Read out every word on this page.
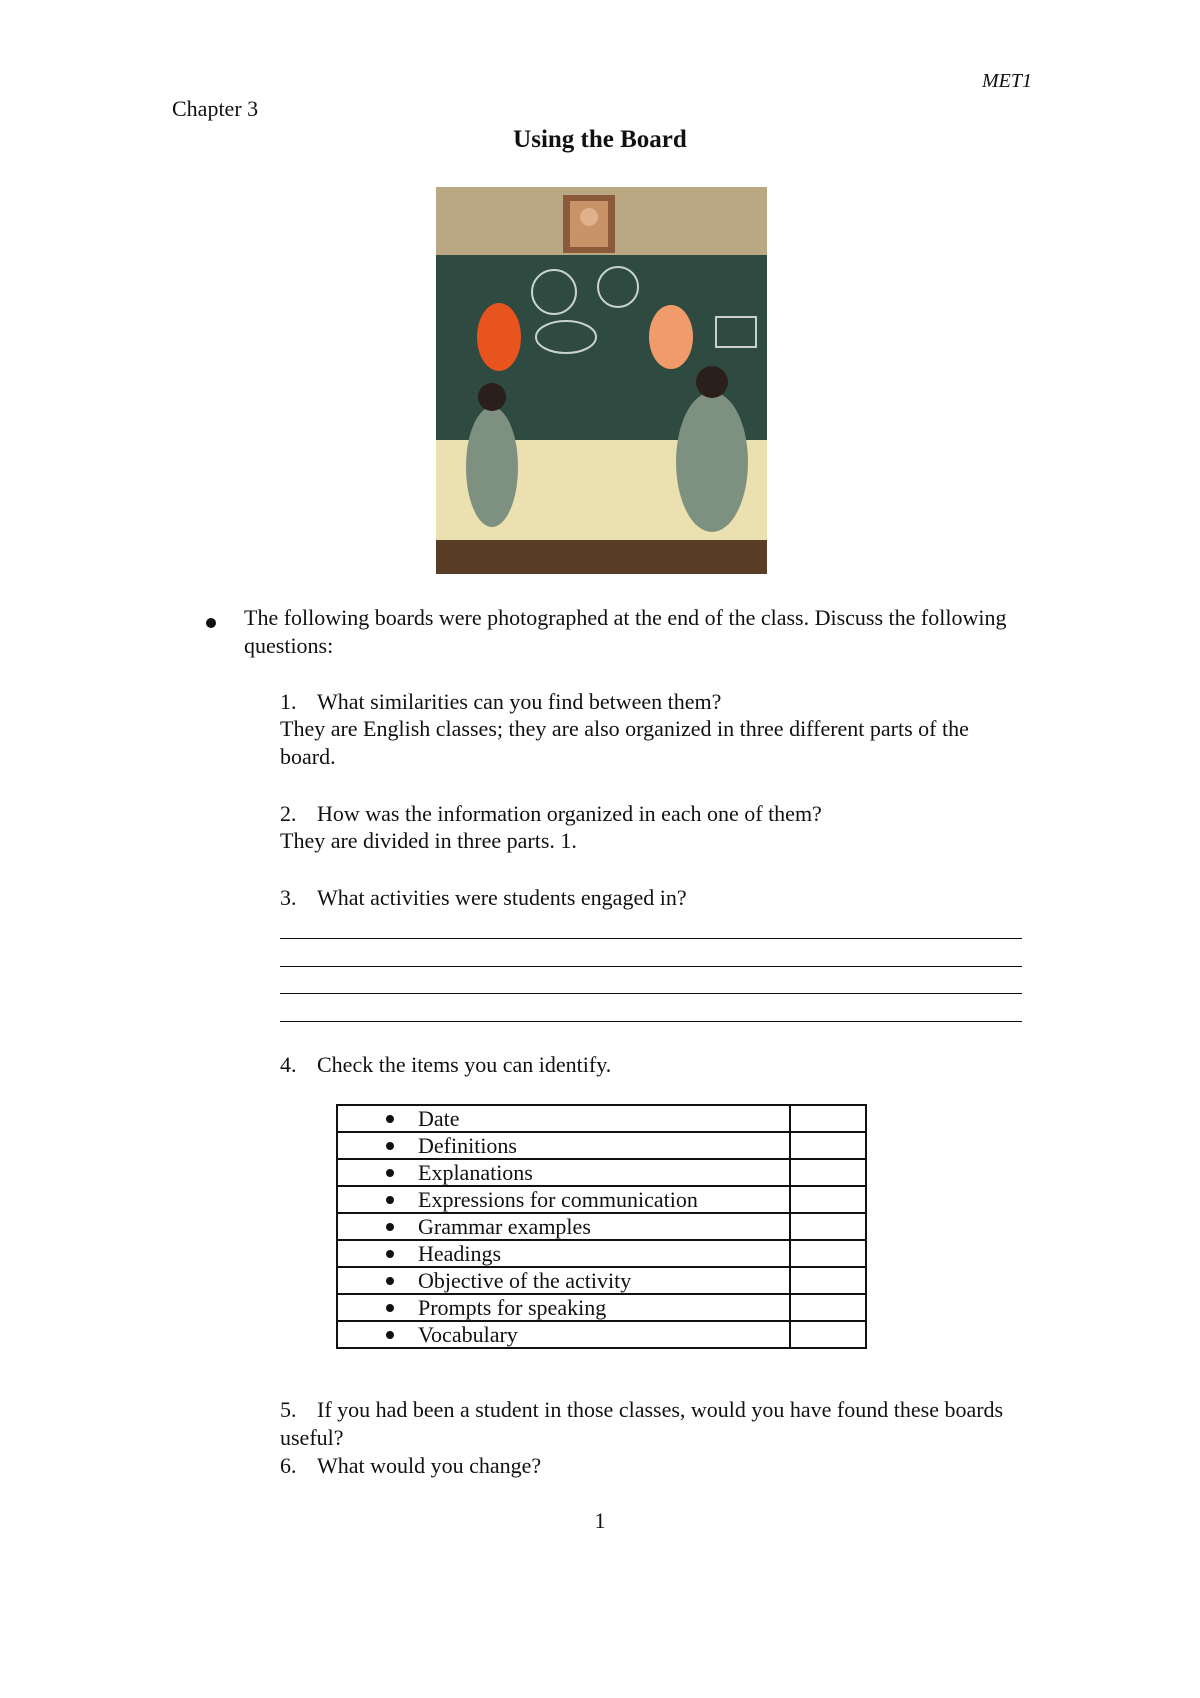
MET1
Chapter 3
Using the Board
The following boards were photographed at the end of the class. Discuss the following questions:
1. What similarities can you find between them?
They are English classes; they are also organized in three different parts of the board.
2. How was the information organized in each one of them?
They are divided in three parts. 1.
3. What activities were students engaged in?
4. Check the items you can identify.
Date	
Definitions	
Explanations	
Expressions for communication	
Grammar examples	
Headings	
Objective of the activity	
Prompts for speaking	
Vocabulary	
5. If you had been a student in those classes, would you have found these boards useful?
6. What would you change?
1
